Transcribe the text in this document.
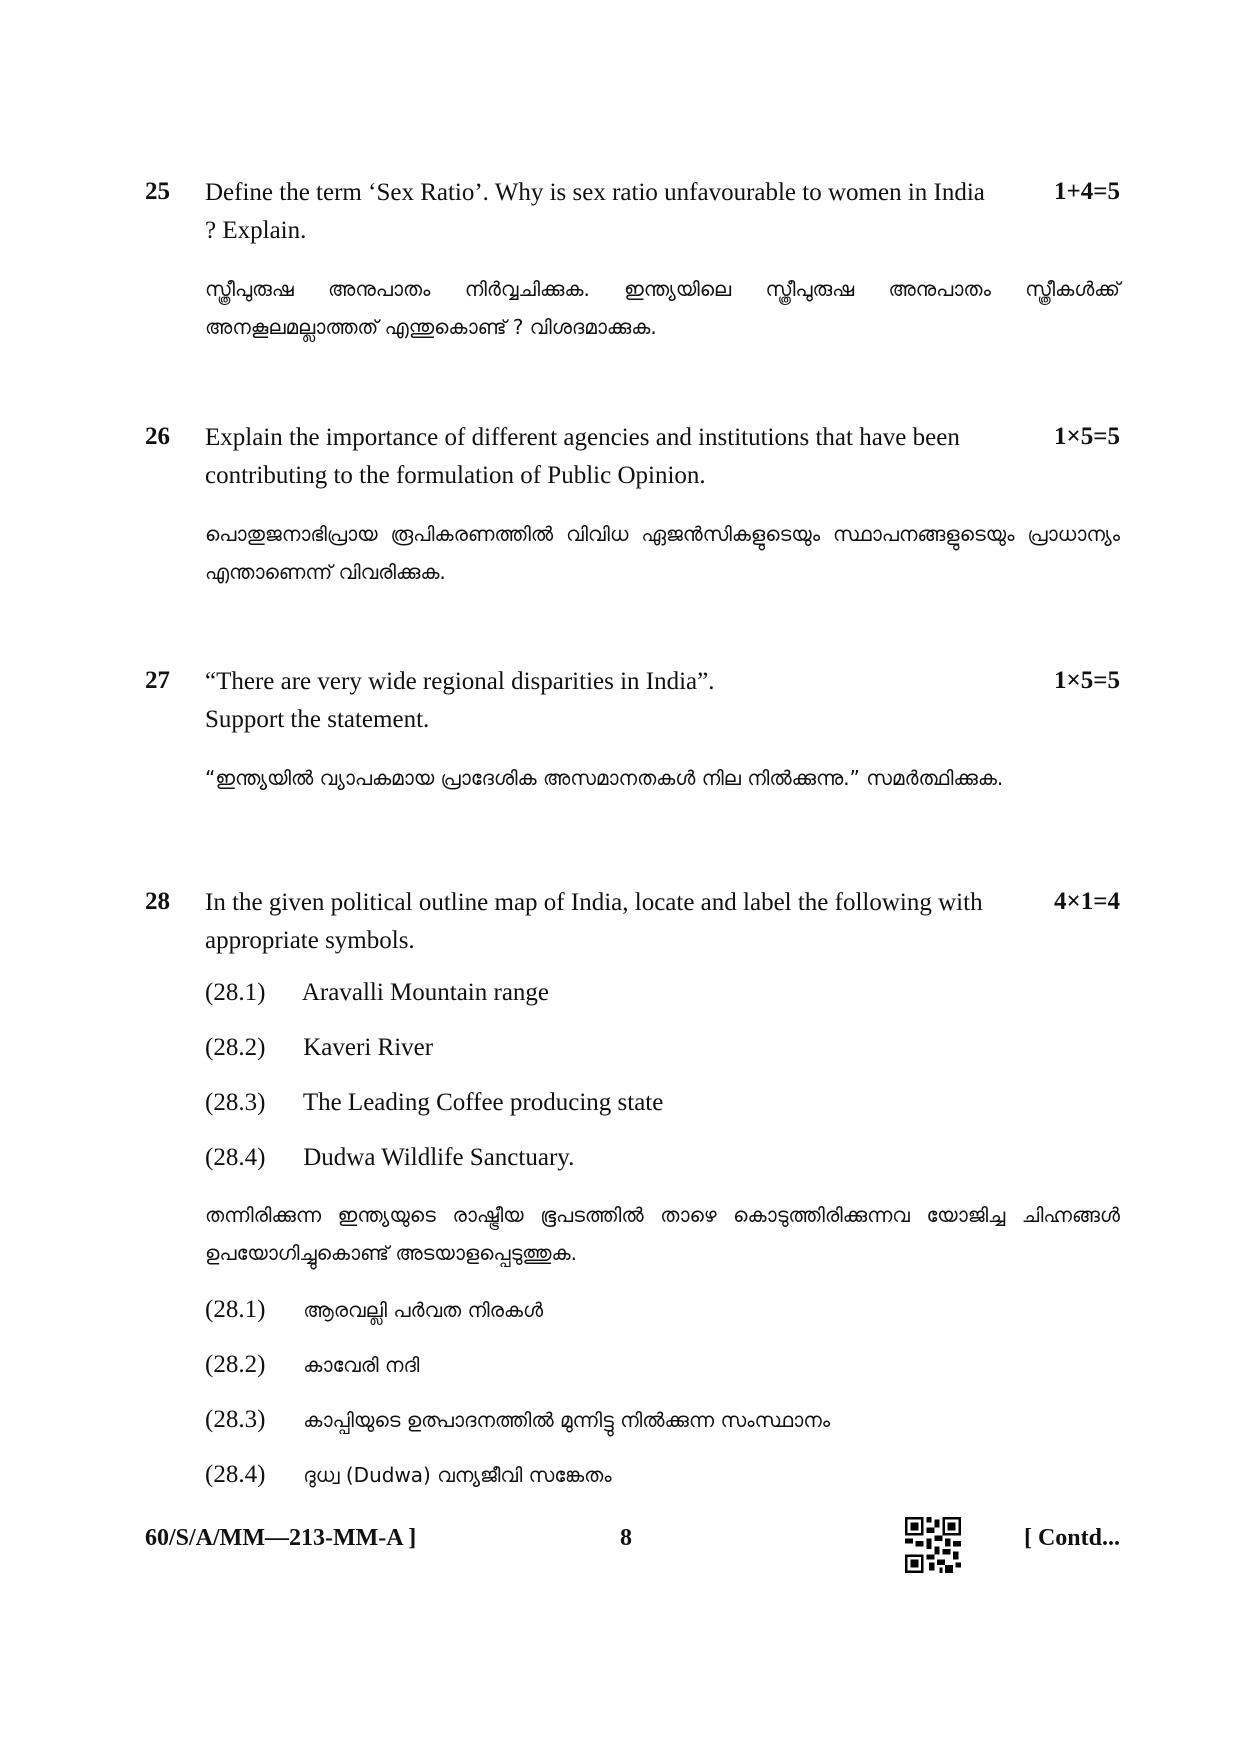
25	1+4=5

Define the term ‘Sex Ratio’. Why is sex ratio unfavourable to women in India ? Explain.

സ്ത്രീപുരുഷ അനുപാതം നിർവ്വചിക്കുക. ഇന്ത്യയിലെ സ്ത്രീപുരുഷ അനുപാതം സ്ത്രീകൾക്ക് അനകൂലമല്ലാത്തത് എന്തുകൊണ്ട് ? വിശദമാക്കുക.

26	1×5=5

Explain the importance of different agencies and institutions that have been contributing to the formulation of Public Opinion.

പൊതുജനാഭിപ്രായ രൂപികരണത്തിൽ വിവിധ ഏജൻസികളുടെയും സ്ഥാപനങ്ങളുടെയും പ്രാധാന്യം എന്താണെന്ന് വിവരിക്കുക.

27	1×5=5

“There are very wide regional disparities in India”.

Support the statement.

“ഇന്ത്യയിൽ വ്യാപകമായ പ്രാദേശിക അസമാനതകൾ നില നിൽക്കുന്നു.” സമർത്ഥിക്കുക.

28	4×1=4

In the given political outline map of India, locate and label the following with appropriate symbols.

(28.1) Aravalli Mountain range
(28.2) Kaveri River
(28.3) The Leading Coffee producing state
(28.4) Dudwa Wildlife Sanctuary.

തന്നിരിക്കുന്ന ഇന്ത്യയുടെ രാഷ്ട്രീയ ഭൂപടത്തിൽ താഴെ കൊടുത്തിരിക്കുന്നവ യോജിച്ച ചിഹ്നങ്ങൾ ഉപയോഗിച്ചുകൊണ്ട് അടയാളപ്പെടുത്തുക.

(28.1) ആരവല്ലി പർവത നിരകൾ
(28.2) കാവേരി നദി
(28.3) കാപ്പിയുടെ ഉത്പാദനത്തിൽ മുന്നിട്ടു നിൽക്കുന്ന സംസ്ഥാനം
(28.4) ദുധ്വ (Dudwa) വന്യജീവി സങ്കേതം
60/S/A/MM—213-MM-A ]	8	[ Contd...
